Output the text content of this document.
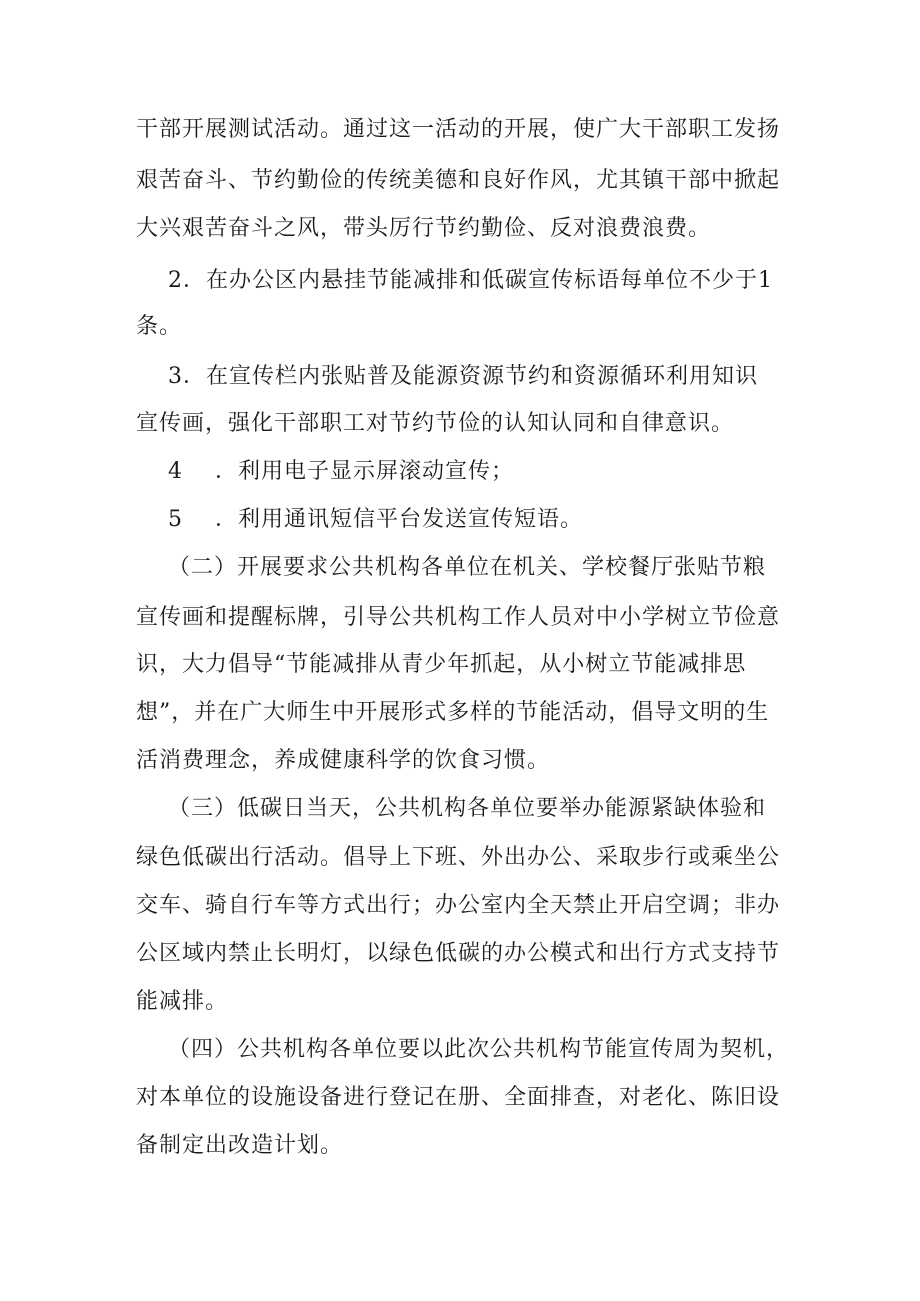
干部开展测试活动。通过这一活动的开展，使广大干部职工发扬

艰苦奋斗、节约勤俭的传统美德和良好作风，尤其镇干部中掀起

大兴艰苦奋斗之风，带头厉行节约勤俭、反对浪费浪费。

2．在办公区内悬挂节能减排和低碳宣传标语每单位不少于1

条。

3．在宣传栏内张贴普及能源资源节约和资源循环利用知识

宣传画，强化干部职工对节约节俭的认知认同和自律意识。

4    ．利用电子显示屏滚动宣传；

5    ．利用通讯短信平台发送宣传短语。

（二）开展要求公共机构各单位在机关、学校餐厅张贴节粮

宣传画和提醒标牌，引导公共机构工作人员对中小学树立节俭意

识，大力倡导“节能减排从青少年抓起，从小树立节能减排思

想”，并在广大师生中开展形式多样的节能活动，倡导文明的生

活消费理念，养成健康科学的饮食习惯。

（三）低碳日当天，公共机构各单位要举办能源紧缺体验和

绿色低碳出行活动。倡导上下班、外出办公、采取步行或乘坐公

交车、骑自行车等方式出行；办公室内全天禁止开启空调；非办

公区域内禁止长明灯，以绿色低碳的办公模式和出行方式支持节

能减排。

（四）公共机构各单位要以此次公共机构节能宣传周为契机，

对本单位的设施设备进行登记在册、全面排查，对老化、陈旧设

备制定出改造计划。
